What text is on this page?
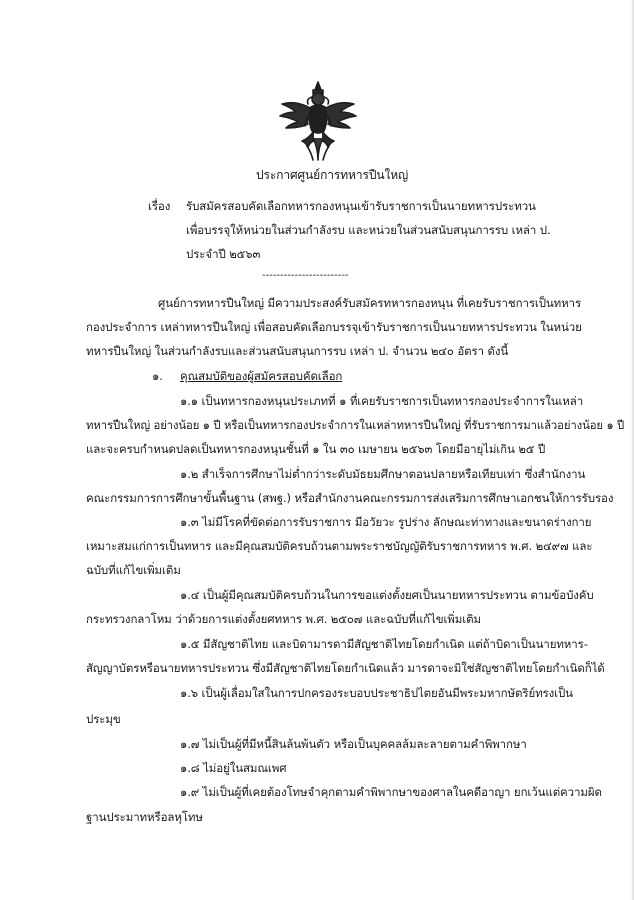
ประกาศศูนย์การทหารปืนใหญ่
เรื่อง รับสมัครสอบคัดเลือกทหารกองหนุนเข้ารับราชการเป็นนายทหารประทวน
เพื่อบรรจุให้หน่วยในส่วนกำลังรบ และหน่วยในส่วนสนับสนุนการรบ เหล่า ป.
ประจำปี ๒๕๖๓
------------------------
ศูนย์การทหารปืนใหญ่ มีความประสงค์รับสมัครทหารกองหนุน ที่เคยรับราชการเป็นทหาร
กองประจำการ เหล่าทหารปืนใหญ่ เพื่อสอบคัดเลือกบรรจุเข้ารับราชการเป็นนายทหารประทวน ในหน่วย
ทหารปืนใหญ่ ในส่วนกำลังรบและส่วนสนับสนุนการรบ เหล่า ป. จำนวน ๒๔๐ อัตรา ดังนี้
๑. คุณสมบัติของผู้สมัครสอบคัดเลือก
๑.๑ เป็นทหารกองหนุนประเภทที่ ๑ ที่เคยรับราชการเป็นทหารกองประจำการในเหล่า
ทหารปืนใหญ่ อย่างน้อย ๑ ปี หรือเป็นทหารกองประจำการในเหล่าทหารปืนใหญ่ ที่รับราชการมาแล้วอย่างน้อย ๑ ปี
และจะครบกำหนดปลดเป็นทหารกองหนุนชั้นที่ ๑ ใน ๓๐ เมษายน ๒๕๖๓ โดยมีอายุไม่เกิน ๒๕ ปี
๑.๒ สำเร็จการศึกษาไม่ต่ำกว่าระดับมัธยมศึกษาตอนปลายหรือเทียบเท่า ซึ่งสำนักงาน
คณะกรรมการการศึกษาขั้นพื้นฐาน (สพฐ.) หรือสำนักงานคณะกรรมการส่งเสริมการศึกษาเอกชนให้การรับรอง
๑.๓ ไม่มีโรคที่ขัดต่อการรับราชการ มีอวัยวะ รูปร่าง ลักษณะท่าทางและขนาดร่างกาย
เหมาะสมแก่การเป็นทหาร และมีคุณสมบัติครบถ้วนตามพระราชบัญญัติรับราชการทหาร พ.ศ. ๒๔๙๗ และ
ฉบับที่แก้ไขเพิ่มเติม
๑.๔ เป็นผู้มีคุณสมบัติครบถ้วนในการขอแต่งตั้งยศเป็นนายทหารประทวน ตามข้อบังคับ
กระทรวงกลาโหม ว่าด้วยการแต่งตั้งยศทหาร พ.ศ. ๒๕๐๗ และฉบับที่แก้ไขเพิ่มเติม
๑.๕ มีสัญชาติไทย และบิดามารดามีสัญชาติไทยโดยกำเนิด แต่ถ้าบิดาเป็นนายทหาร-
สัญญาบัตรหรือนายทหารประทวน ซึ่งมีสัญชาติไทยโดยกำเนิดแล้ว มารดาจะมิใช่สัญชาติไทยโดยกำเนิดก็ได้
๑.๖ เป็นผู้เลื่อมใสในการปกครองระบอบประชาธิปไตยอันมีพระมหากษัตริย์ทรงเป็น
ประมุข
๑.๗ ไม่เป็นผู้ที่มีหนี้สินล้นพ้นตัว หรือเป็นบุคคลล้มละลายตามคำพิพากษา
๑.๘ ไม่อยู่ในสมณเพศ
๑.๙ ไม่เป็นผู้ที่เคยต้องโทษจำคุกตามคำพิพากษาของศาลในคดีอาญา ยกเว้นแต่ความผิด
ฐานประมาทหรือลหุโทษ
